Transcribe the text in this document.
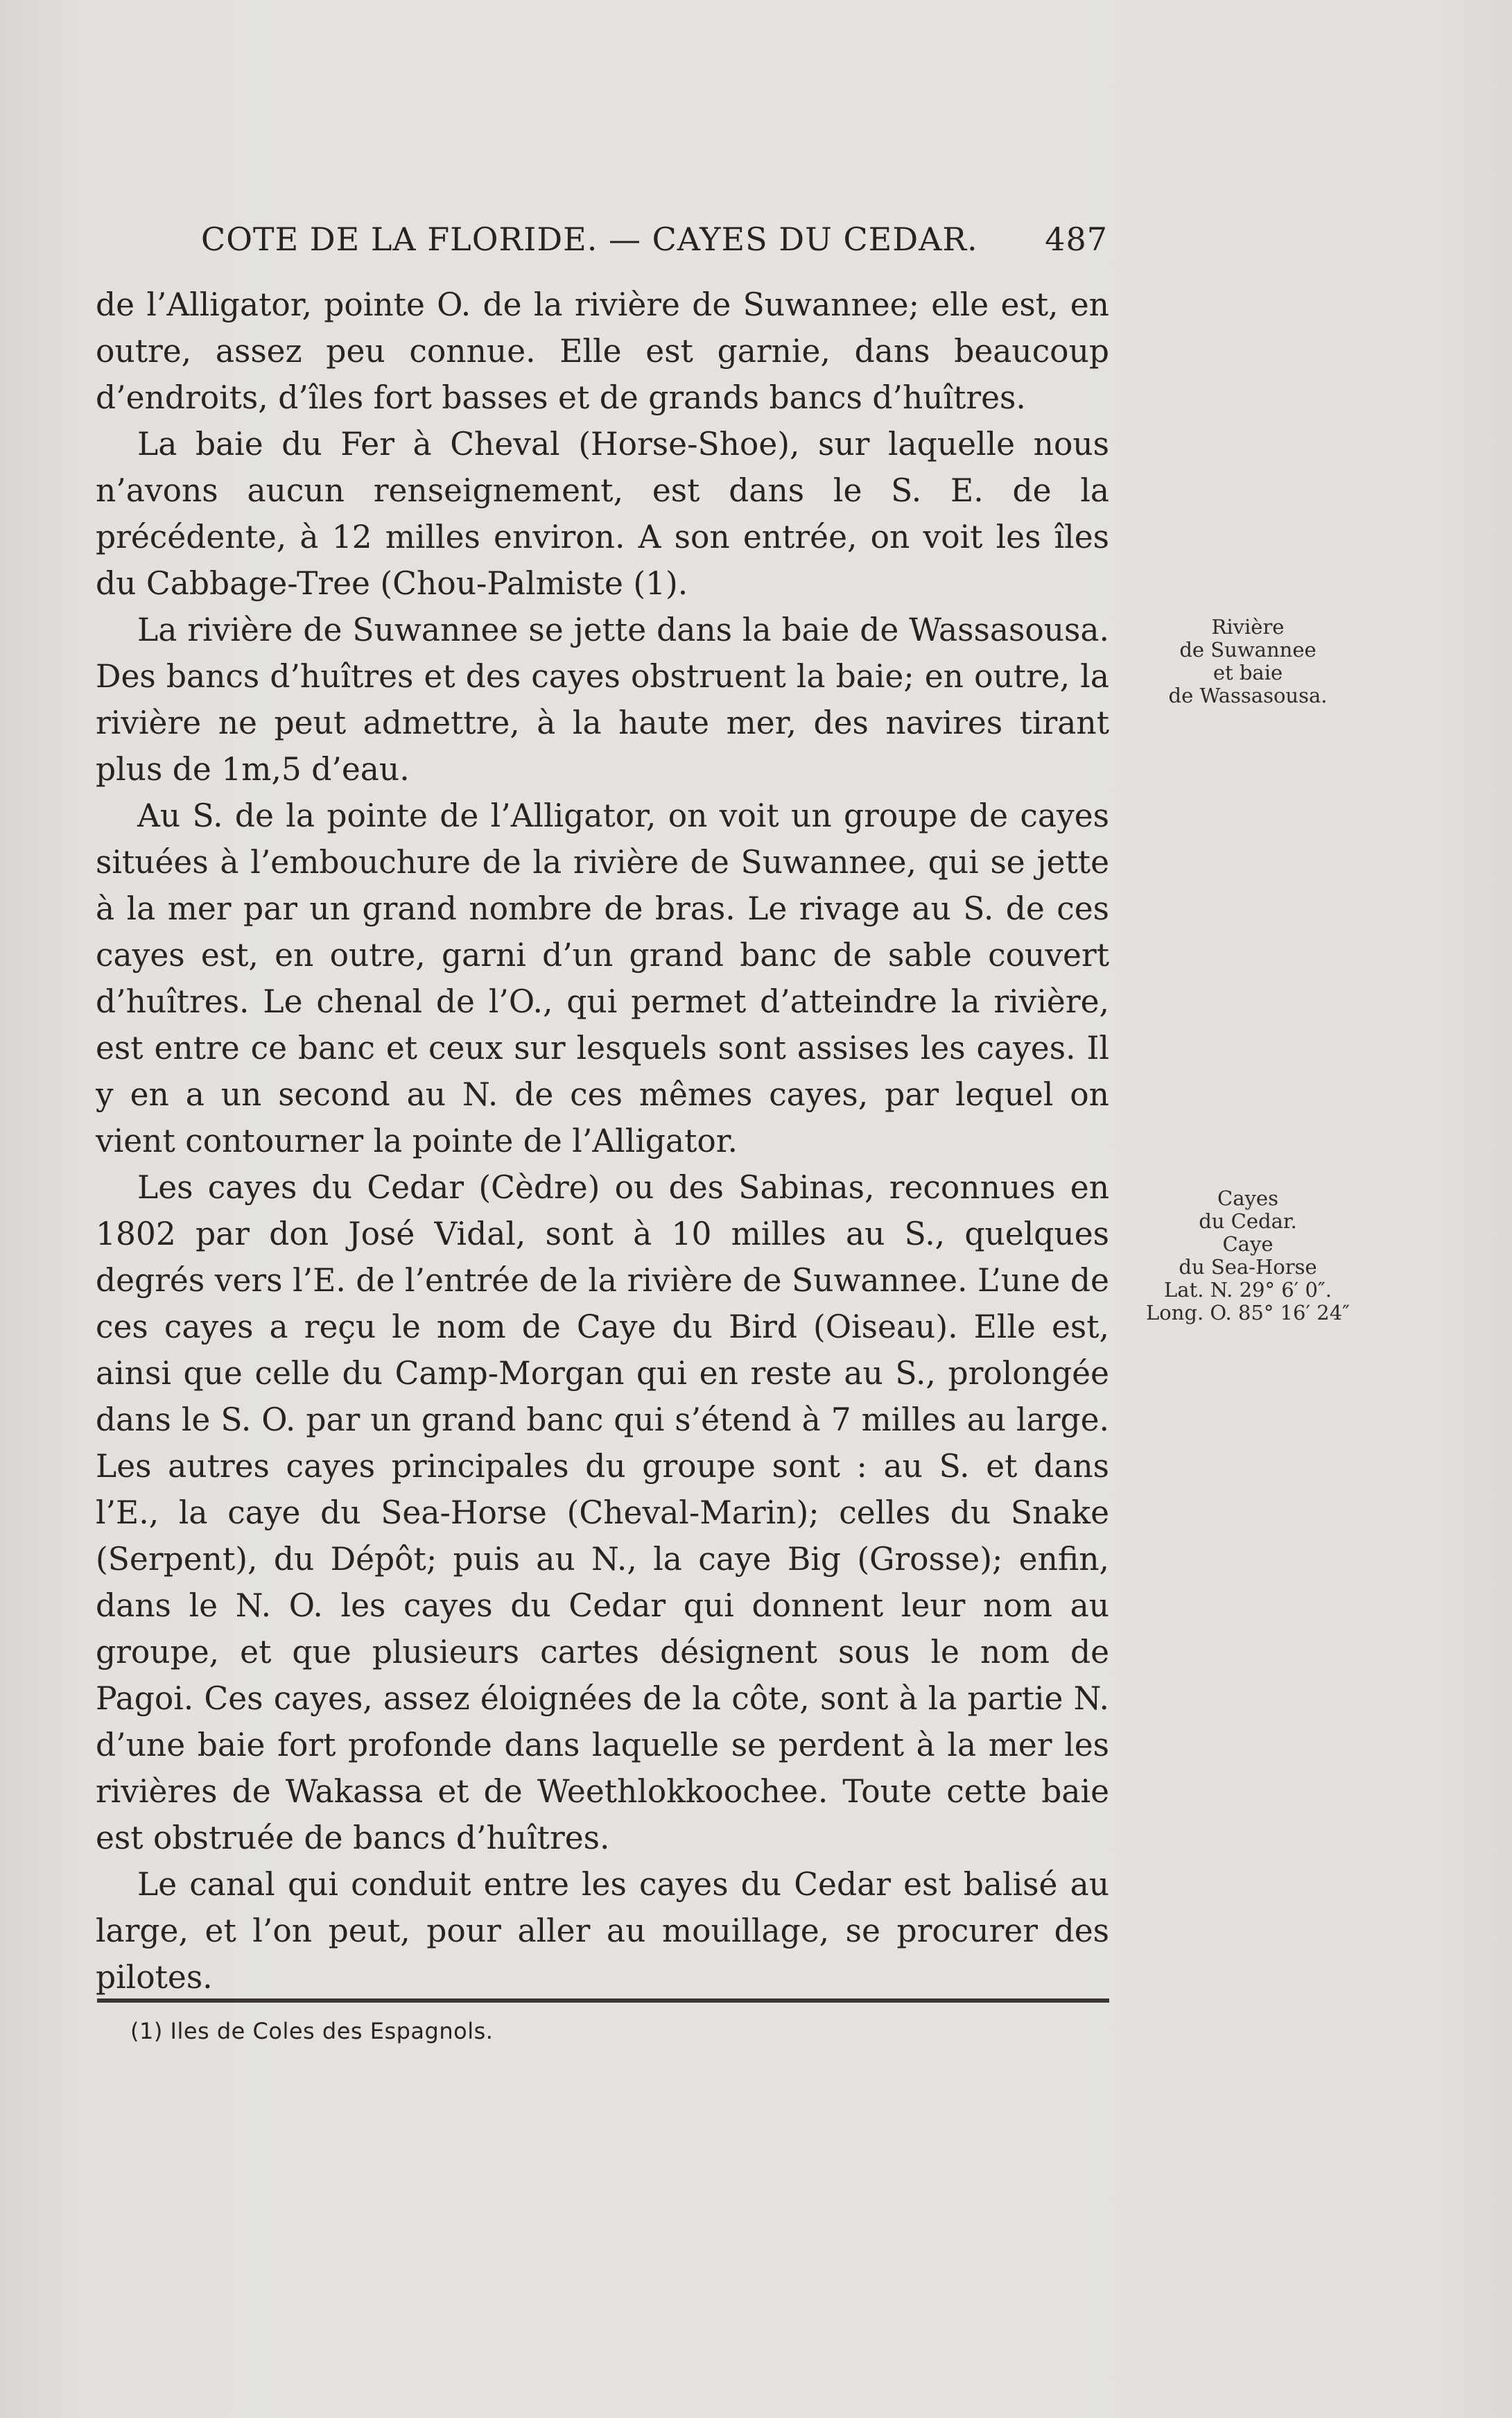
COTE DE LA FLORIDE. — CAYES DU CEDAR. 487

de l’Alligator, pointe O. de la rivière de Suwannee; elle est, en outre, assez peu connue. Elle est garnie, dans beaucoup d’endroits, d’îles fort basses et de grands bancs d’huîtres.

La baie du Fer à Cheval (Horse-Shoe), sur laquelle nous n’avons aucun renseignement, est dans le S. E. de la précédente, à 12 milles environ. A son entrée, on voit les îles du Cabbage-Tree (Chou-Palmiste (1).

La rivière de Suwannee se jette dans la baie de Wassasousa. Des bancs d’huîtres et des cayes obstruent la baie; en outre, la rivière ne peut admettre, à la haute mer, des navires tirant plus de 1m,5 d’eau.

Au S. de la pointe de l’Alligator, on voit un groupe de cayes situées à l’embouchure de la rivière de Suwannee, qui se jette à la mer par un grand nombre de bras. Le rivage au S. de ces cayes est, en outre, garni d’un grand banc de sable couvert d’huîtres. Le chenal de l’O., qui permet d’atteindre la rivière, est entre ce banc et ceux sur lesquels sont assises les cayes. Il y en a un second au N. de ces mêmes cayes, par lequel on vient contourner la pointe de l’Alligator.

Les cayes du Cedar (Cèdre) ou des Sabinas, reconnues en 1802 par don José Vidal, sont à 10 milles au S., quelques degrés vers l’E. de l’entrée de la rivière de Suwannee. L’une de ces cayes a reçu le nom de Caye du Bird (Oiseau). Elle est, ainsi que celle du Camp-Morgan qui en reste au S., prolongée dans le S. O. par un grand banc qui s’étend à 7 milles au large. Les autres cayes principales du groupe sont : au S. et dans l’E., la caye du Sea-Horse (Cheval-Marin); celles du Snake (Serpent), du Dépôt; puis au N., la caye Big (Grosse); enfin, dans le N. O. les cayes du Cedar qui donnent leur nom au groupe, et que plusieurs cartes désignent sous le nom de Pagoi. Ces cayes, assez éloignées de la côte, sont à la partie N. d’une baie fort profonde dans laquelle se perdent à la mer les rivières de Wakassa et de Weethlokkoochee. Toute cette baie est obstruée de bancs d’huîtres.

Le canal qui conduit entre les cayes du Cedar est balisé au large, et l’on peut, pour aller au mouillage, se procurer des pilotes.

Rivière
de Suwannee
et baie
de Wassasousa.
Cayes
du Cedar.
Caye
du Sea-Horse
Lat. N. 29° 6′ 0″.
Long. O. 85° 16′ 24″
(1) Iles de Coles des Espagnols.
